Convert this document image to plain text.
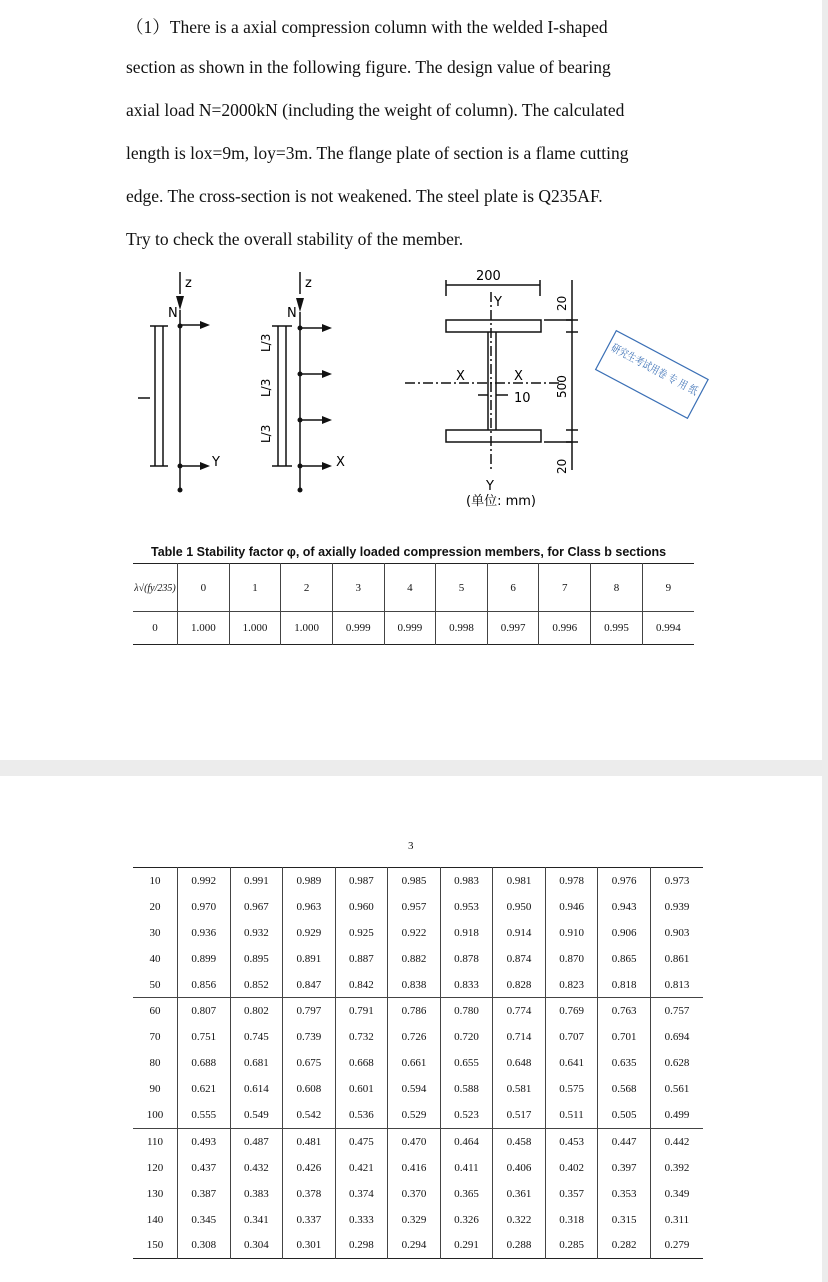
（1）There is a axial compression column with the welded I-shaped
section as shown in the following figure. The design value of bearing
axial load N=2000kN (including the weight of column). The calculated
length is lox=9m, loy=3m. The flange plate of section is a flame cutting
edge. The cross-section is not weakened. The steel plate is Q235AF.
Try to check the overall stability of the member.
z
N
Y
z
N
X
L/3
L/3
L/3
200
Y
Y
X	X
10
500
20
20
(单位: mm)
研究生考试用卷 专 用 纸
Table 1 Stability factor φ, of axially loaded compression members, for Class b sections
λ√(fy/235)	0	1	2	3	4	5	6	7	8	9
0	1.000	1.000	1.000	0.999	0.999	0.998	0.997	0.996	0.995	0.994
3
10	0.992	0.991	0.989	0.987	0.985	0.983	0.981	0.978	0.976	0.973
20	0.970	0.967	0.963	0.960	0.957	0.953	0.950	0.946	0.943	0.939
30	0.936	0.932	0.929	0.925	0.922	0.918	0.914	0.910	0.906	0.903
40	0.899	0.895	0.891	0.887	0.882	0.878	0.874	0.870	0.865	0.861
50	0.856	0.852	0.847	0.842	0.838	0.833	0.828	0.823	0.818	0.813
60	0.807	0.802	0.797	0.791	0.786	0.780	0.774	0.769	0.763	0.757
70	0.751	0.745	0.739	0.732	0.726	0.720	0.714	0.707	0.701	0.694
80	0.688	0.681	0.675	0.668	0.661	0.655	0.648	0.641	0.635	0.628
90	0.621	0.614	0.608	0.601	0.594	0.588	0.581	0.575	0.568	0.561
100	0.555	0.549	0.542	0.536	0.529	0.523	0.517	0.511	0.505	0.499
110	0.493	0.487	0.481	0.475	0.470	0.464	0.458	0.453	0.447	0.442
120	0.437	0.432	0.426	0.421	0.416	0.411	0.406	0.402	0.397	0.392
130	0.387	0.383	0.378	0.374	0.370	0.365	0.361	0.357	0.353	0.349
140	0.345	0.341	0.337	0.333	0.329	0.326	0.322	0.318	0.315	0.311
150	0.308	0.304	0.301	0.298	0.294	0.291	0.288	0.285	0.282	0.279
